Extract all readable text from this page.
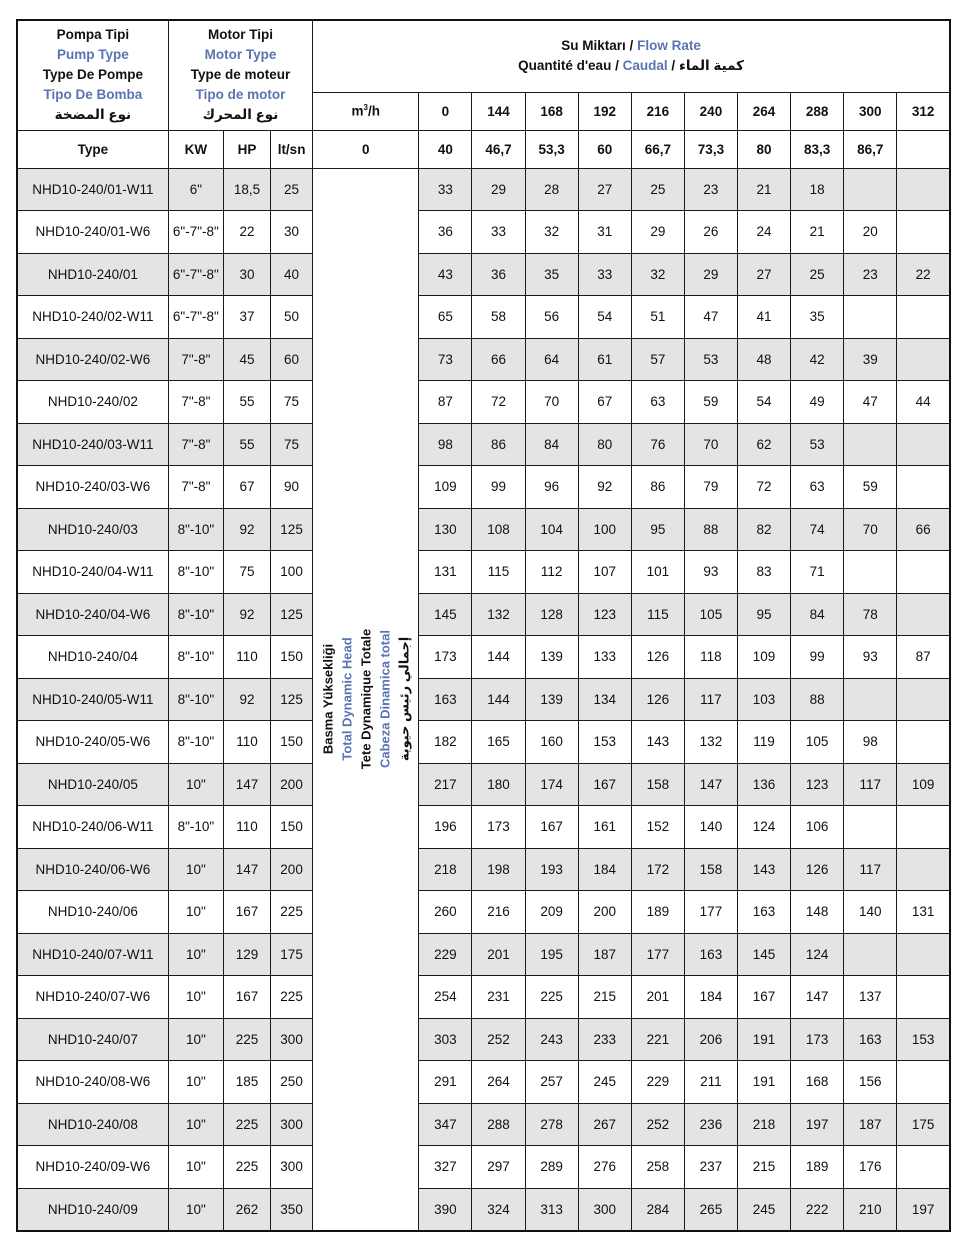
Pompa Tipi
Pump Type
Type De Pompe
Tipo De Bomba
نوع المضخة	Motor Tipi
Motor Type
Type de moteur
Tipo de motor
نوع المحرك			Su Miktarı / Flow Rate
Quantité d'eau / Caudal / كمية الماء										

				$m^3/h$	0	144	168	192	216	240	264	288	300	312
Type	KW	HP	lt/sn	0	40	46,7	53,3	60	66,7	73,3	80	83,3	86,7	
NHD10-240/01-W11	6"	18,5	25	Basma Yüksekliği Total Dynamic Head Tete Dynamique Totale Cabeza Dinamica total إجمالي رئيس حيوية	33	29	28	27	25	23	21	18		
NHD10-240/01-W6	6"-7"-8"	22	30		36	33	32	31	29	26	24	21	20	
NHD10-240/01	6"-7"-8"	30	40		43	36	35	33	32	29	27	25	23	22
NHD10-240/02-W11	6"-7"-8"	37	50		65	58	56	54	51	47	41	35		
NHD10-240/02-W6	7"-8"	45	60		73	66	64	61	57	53	48	42	39	
NHD10-240/02	7"-8"	55	75		87	72	70	67	63	59	54	49	47	44
NHD10-240/03-W11	7"-8"	55	75		98	86	84	80	76	70	62	53		
NHD10-240/03-W6	7"-8"	67	90		109	99	96	92	86	79	72	63	59	
NHD10-240/03	8"-10"	92	125		130	108	104	100	95	88	82	74	70	66
NHD10-240/04-W11	8"-10"	75	100		131	115	112	107	101	93	83	71		
NHD10-240/04-W6	8"-10"	92	125		145	132	128	123	115	105	95	84	78	
NHD10-240/04	8"-10"	110	150		173	144	139	133	126	118	109	99	93	87
NHD10-240/05-W11	8"-10"	92	125		163	144	139	134	126	117	103	88		
NHD10-240/05-W6	8"-10"	110	150		182	165	160	153	143	132	119	105	98	
NHD10-240/05	10"	147	200		217	180	174	167	158	147	136	123	117	109
NHD10-240/06-W11	8"-10"	110	150		196	173	167	161	152	140	124	106		
NHD10-240/06-W6	10"	147	200		218	198	193	184	172	158	143	126	117	
NHD10-240/06	10"	167	225		260	216	209	200	189	177	163	148	140	131
NHD10-240/07-W11	10"	129	175		229	201	195	187	177	163	145	124		
NHD10-240/07-W6	10"	167	225		254	231	225	215	201	184	167	147	137	
NHD10-240/07	10"	225	300		303	252	243	233	221	206	191	173	163	153
NHD10-240/08-W6	10"	185	250		291	264	257	245	229	211	191	168	156	
NHD10-240/08	10"	225	300		347	288	278	267	252	236	218	197	187	175
NHD10-240/09-W6	10"	225	300		327	297	289	276	258	237	215	189	176	
NHD10-240/09	10"	262	350		390	324	313	300	284	265	245	222	210	197
